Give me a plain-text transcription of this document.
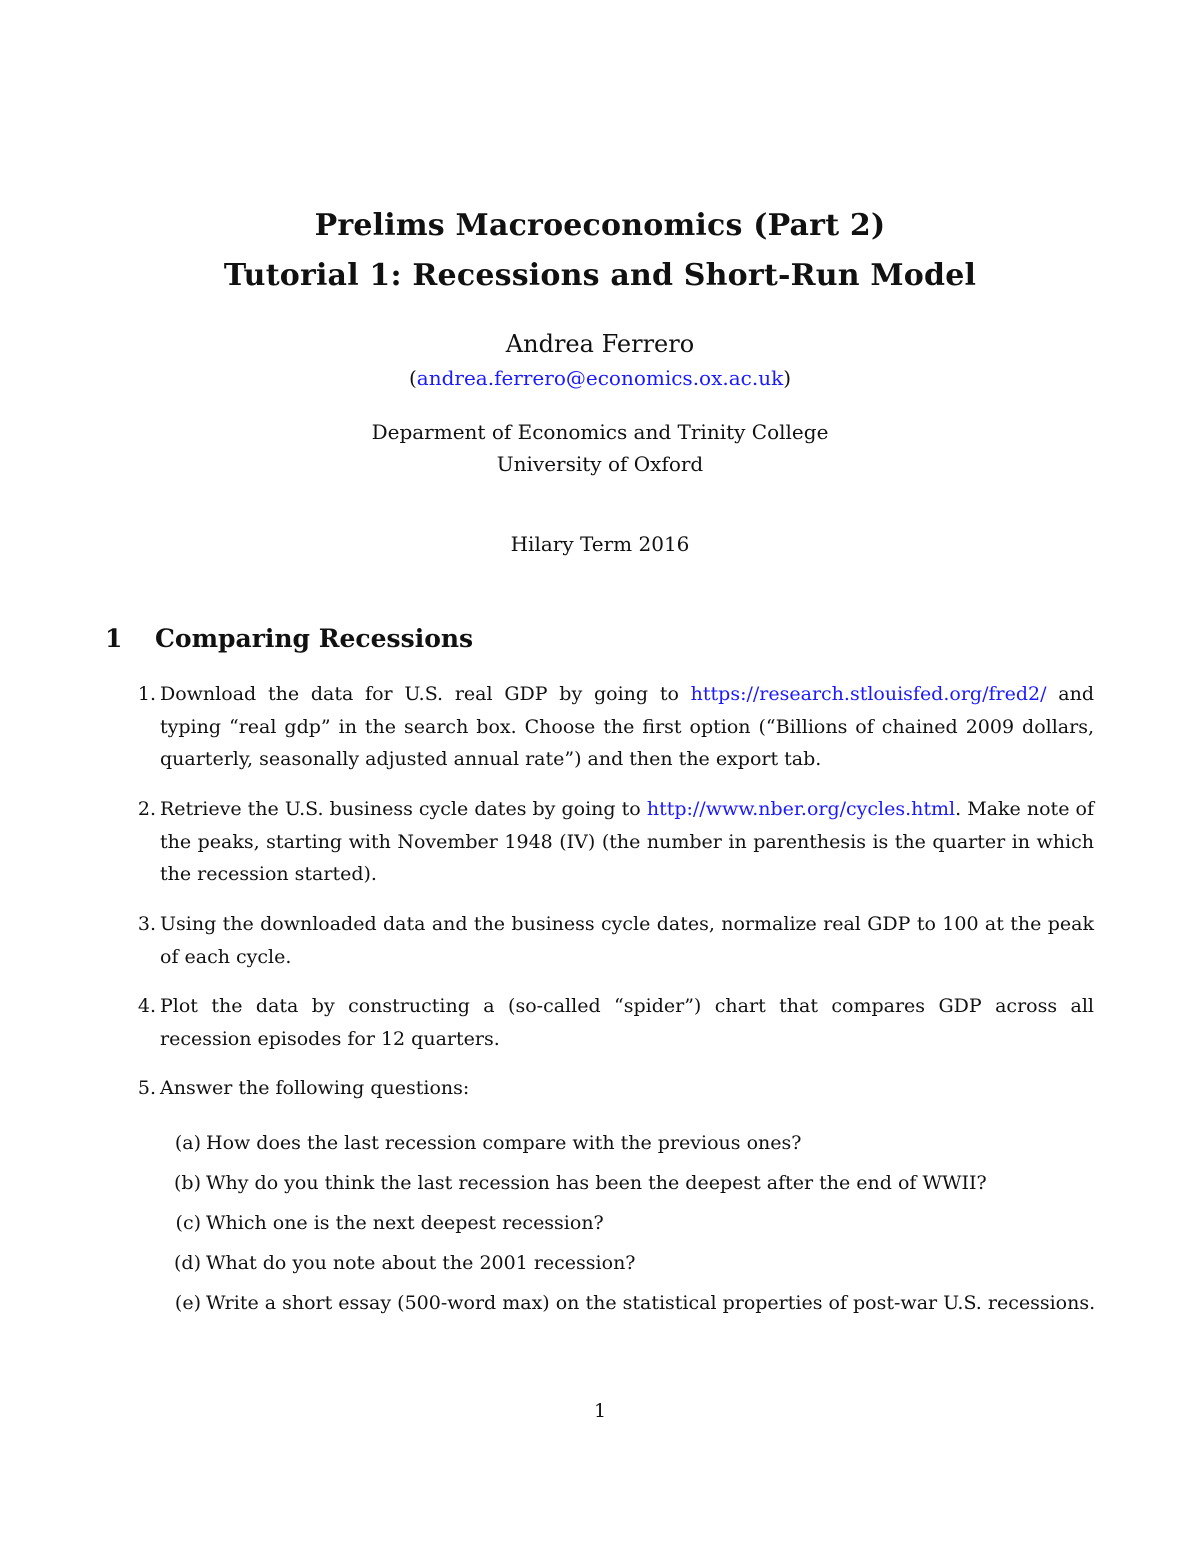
Prelims Macroeconomics (Part 2)
Tutorial 1: Recessions and Short-Run Model
Andrea Ferrero
(andrea.ferrero@economics.ox.ac.uk)
Deparment of Economics and Trinity College
University of Oxford
Hilary Term 2016
1 Comparing Recessions
1. Download the data for U.S. real GDP by going to https://research.stlouisfed.org/fred2/ and typing “real gdp” in the search box. Choose the first option (“Billions of chained 2009 dollars, quarterly, seasonally adjusted annual rate”) and then the export tab.
2. Retrieve the U.S. business cycle dates by going to http://www.nber.org/cycles.html. Make note of the peaks, starting with November 1948 (IV) (the number in parenthesis is the quarter in which the recession started).
3. Using the downloaded data and the business cycle dates, normalize real GDP to 100 at the peak of each cycle.
4. Plot the data by constructing a (so-called “spider”) chart that compares GDP across all recession episodes for 12 quarters.
5. Answer the following questions:
(a) How does the last recession compare with the previous ones?
(b) Why do you think the last recession has been the deepest after the end of WWII?
(c) Which one is the next deepest recession?
(d) What do you note about the 2001 recession?
(e) Write a short essay (500-word max) on the statistical properties of post-war U.S. recessions.
1
